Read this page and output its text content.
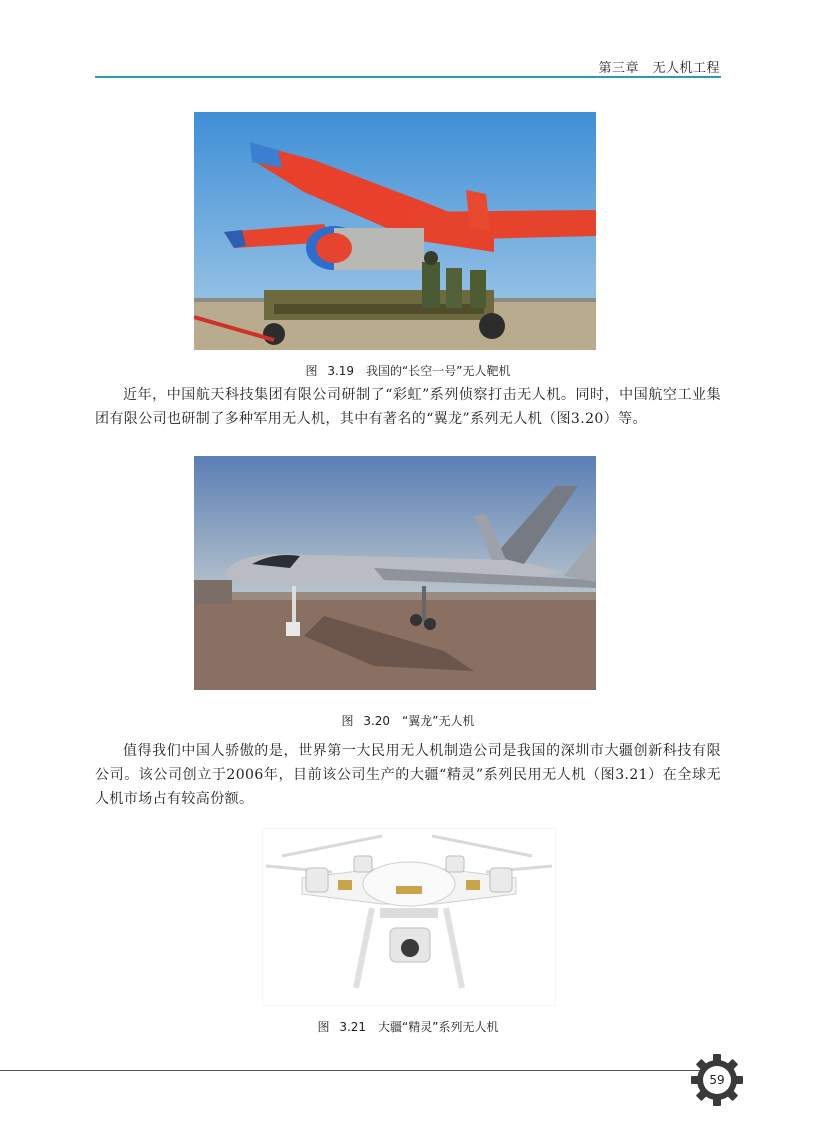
第三章　无人机工程
图 3.19　我国的“长空一号”无人靶机

近年，中国航天科技集团有限公司研制了“彩虹”系列侦察打击无人机。同时，中国航空工业集团有限公司也研制了多种军用无人机，其中有著名的“翼龙”系列无人机（图3.20）等。

图 3.20　“翼龙”无人机

值得我们中国人骄傲的是，世界第一大民用无人机制造公司是我国的深圳市大疆创新科技有限公司。该公司创立于2006年，目前该公司生产的大疆“精灵”系列民用无人机（图3.21）在全球无人机市场占有较高份额。

图 3.21　大疆“精灵”系列无人机
59
